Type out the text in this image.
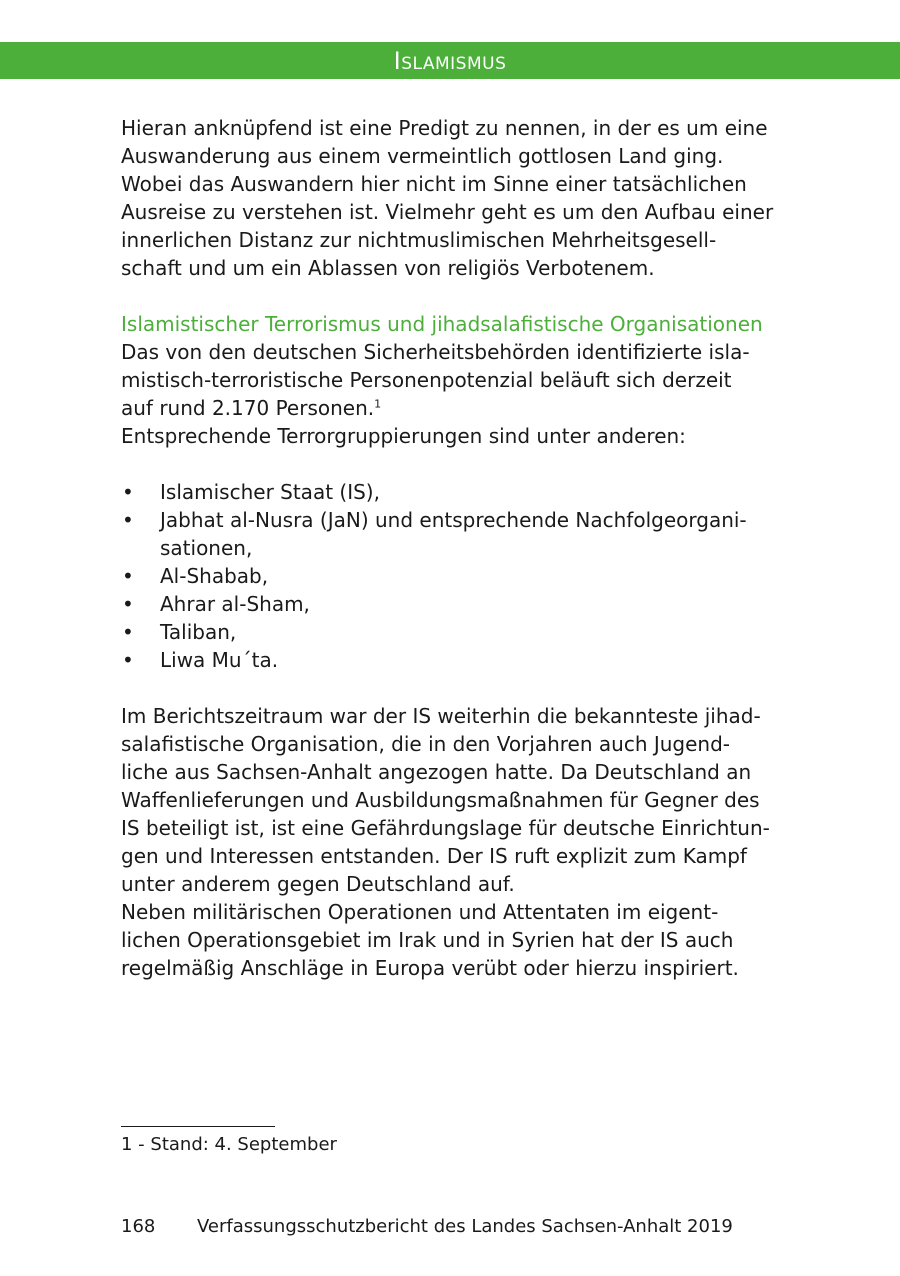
Islamismus

Hieran anknüpfend ist eine Predigt zu nennen, in der es um eine

Auswanderung aus einem vermeintlich gottlosen Land ging.

Wobei das Auswandern hier nicht im Sinne einer tatsächlichen

Ausreise zu verstehen ist. Vielmehr geht es um den Aufbau einer

innerlichen Distanz zur nichtmuslimischen Mehrheitsgesell-

schaft und um ein Ablassen von religiös Verbotenem.

Islamistischer Terrorismus und jihadsalafistische Organisationen

Das von den deutschen Sicherheitsbehörden identifizierte isla-

mistisch-terroristische Personenpotenzial beläuft sich derzeit

auf rund 2.170 Personen.$^1$

Entsprechende Terrorgruppierungen sind unter anderen:

• Islamischer Staat (IS),
• Jabhat al-Nusra (JaN) und entsprechende Nachfolgeorgani-
sationen,
• Al-Shabab,
• Ahrar al-Sham,
• Taliban,
• Liwa Mu´ta.

Im Berichtszeitraum war der IS weiterhin die bekannteste jihad-

salafistische Organisation, die in den Vorjahren auch Jugend-

liche aus Sachsen-Anhalt angezogen hatte. Da Deutschland an

Waffenlieferungen und Ausbildungsmaßnahmen für Gegner des

IS beteiligt ist, ist eine Gefährdungslage für deutsche Einrichtun-

gen und Interessen entstanden. Der IS ruft explizit zum Kampf

unter anderem gegen Deutschland auf.

Neben militärischen Operationen und Attentaten im eigent-

lichen Operationsgebiet im Irak und in Syrien hat der IS auch

regelmäßig Anschläge in Europa verübt oder hierzu inspiriert.

1 - Stand: 4. September
168 Verfassungsschutzbericht des Landes Sachsen-Anhalt 2019
